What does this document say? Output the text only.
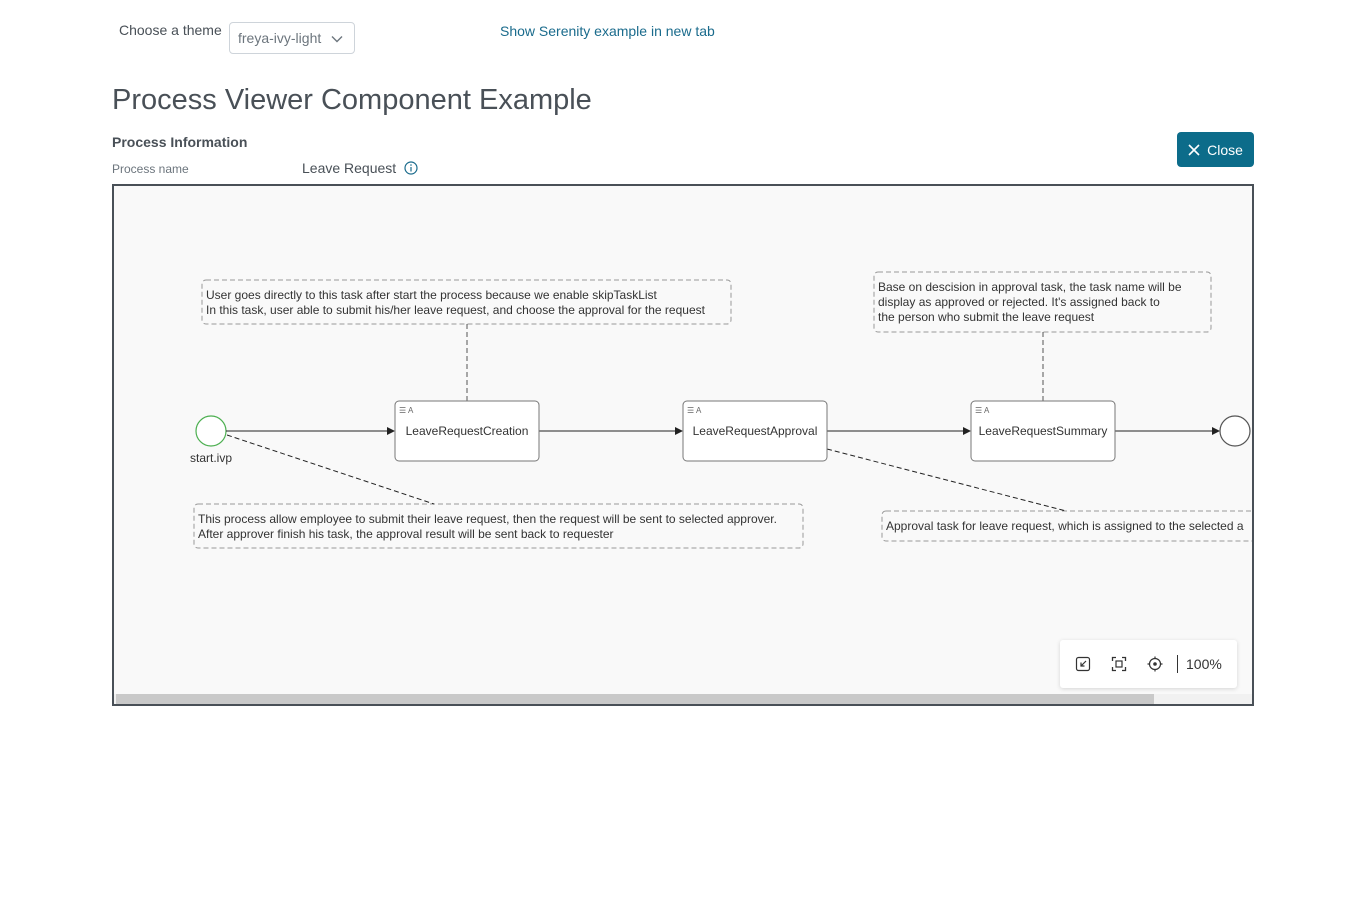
Choose a theme freya-ivy-light	Show Serenity example in new tab
Process Viewer Component Example
Process Information
Process name	Leave Request
Close
User goes directly to this task after start the process because we enable skipTaskList In this task, user able to submit his/her leave request, and choose the approval for the request
Base on descision in approval task, the task name will be display as approved or rejected. It's assigned back to the person who submit the leave request
This process allow employee to submit their leave request, then the request will be sent to selected approver. After approver finish his task, the approval result will be sent back to requester
Approval task for leave request, which is assigned to the selected a
start.ivp
☰ A
LeaveRequestCreation
☰ A
LeaveRequestApproval
☰ A
LeaveRequestSummary
100%
